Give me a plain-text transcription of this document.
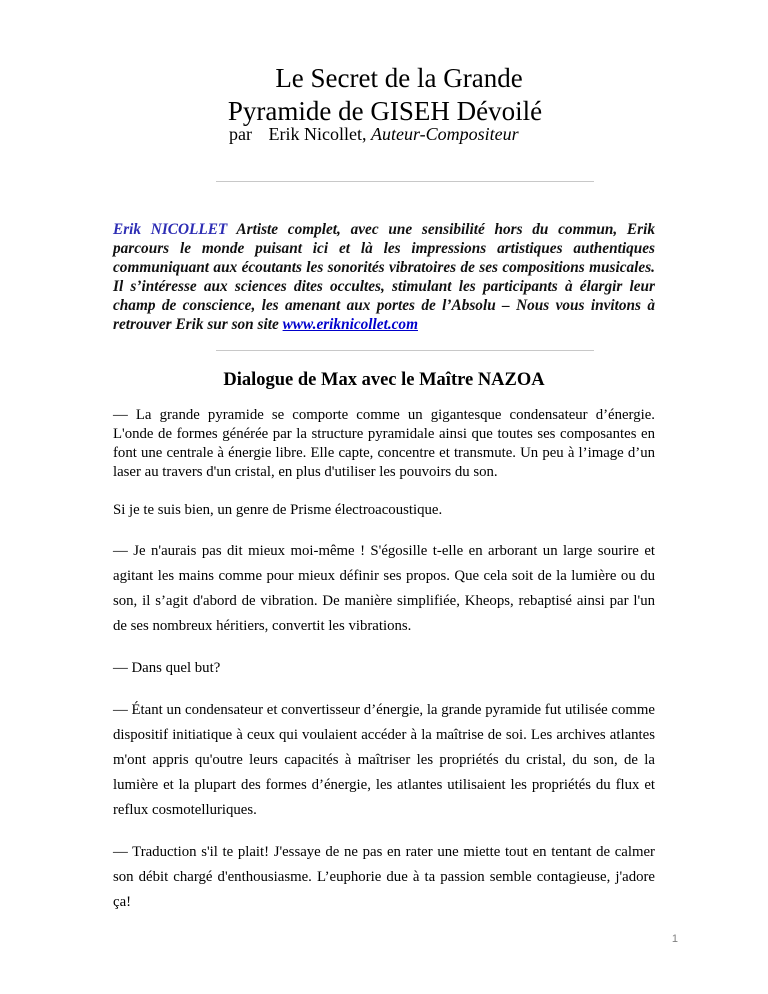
Le Secret de la Grande
Pyramide de GISEH Dévoilé
par Erik Nicollet, Auteur-Compositeur

Erik NICOLLET Artiste complet, avec une sensibilité hors du commun, Erik parcours le monde puisant ici et là les impressions artistiques authentiques communiquant aux écoutants les sonorités vibratoires de ses compositions musicales. Il s’intéresse aux sciences dites occultes, stimulant les participants à élargir leur champ de conscience, les amenant aux portes de l’Absolu – Nous vous invitons à retrouver Erik sur son site www.eriknicollet.com

Dialogue de Max avec le Maître NAZOA

— La grande pyramide se comporte comme un gigantesque condensateur d’énergie. L'onde de formes générée par la structure pyramidale ainsi que toutes ses composantes en font une centrale à énergie libre. Elle capte, concentre et transmute. Un peu à l’image d’un laser au travers d'un cristal, en plus d'utiliser les pouvoirs du son.

Si je te suis bien, un genre de Prisme électroacoustique.

— Je n'aurais pas dit mieux moi-même ! S'égosille t-elle en arborant un large sourire et agitant les mains comme pour mieux définir ses propos. Que cela soit de la lumière ou du son, il s’agit d'abord de vibration. De manière simplifiée, Kheops, rebaptisé ainsi par l'un de ses nombreux héritiers, convertit les vibrations.

— Dans quel but?

— Étant un condensateur et convertisseur d’énergie, la grande pyramide fut utilisée comme dispositif initiatique à ceux qui voulaient accéder à la maîtrise de soi. Les archives atlantes m'ont appris qu'outre leurs capacités à maîtriser les propriétés du cristal, du son, de la lumière et la plupart des formes d’énergie, les atlantes utilisaient les propriétés du flux et reflux cosmotelluriques.

— Traduction s'il te plait! J'essaye de ne pas en rater une miette tout en tentant de calmer son débit chargé d'enthousiasme. L’euphorie due à ta passion semble contagieuse, j'adore ça!

1
